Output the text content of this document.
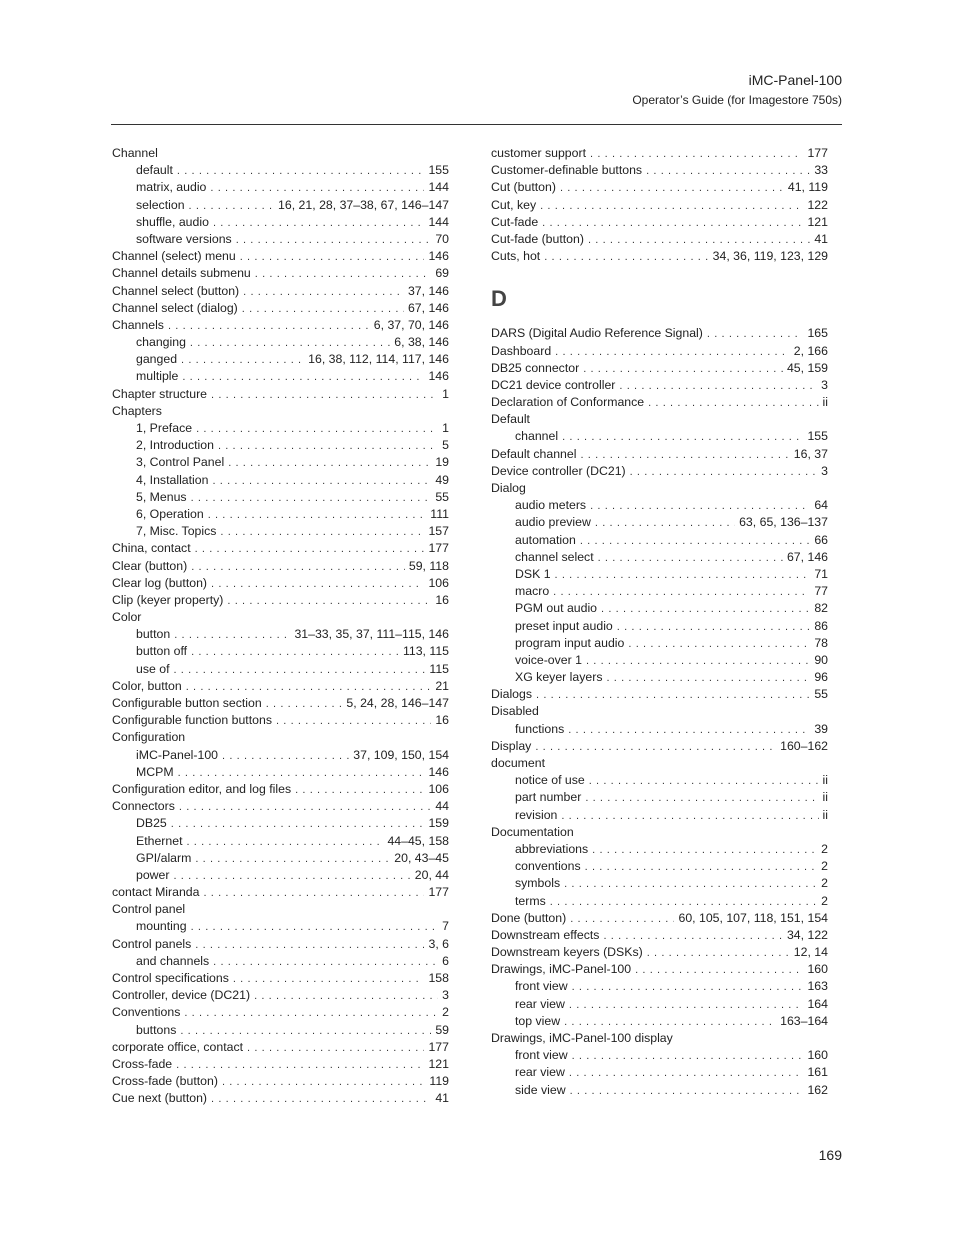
iMC-Panel-100
Operator’s Guide (for Imagestore 750s)
Channel
default . . .	155
matrix, audio . . .	144
selection . . .	16, 21, 28, 37–38, 67, 146–147
shuffle, audio . . .	144
software versions . . .	70
Channel (select) menu . . .	146
Channel details submenu . . .	69
Channel select (button) . . .	37, 146
Channel select (dialog) . . .	67, 146
Channels . . .	6, 37, 70, 146
changing . . .	6, 38, 146
ganged . . .	16, 38, 112, 114, 117, 146
multiple . . .	146
Chapter structure . . .	1
Chapters
1, Preface . . .	1
2, Introduction . . .	5
3, Control Panel . . .	19
4, Installation . . .	49
5, Menus . . .	55
6, Operation . . .	111
7, Misc. Topics . . .	157
China, contact . . .	177
Clear (button) . . .	59, 118
Clear log (button) . . .	106
Clip (keyer property) . . .	16
Color
button . . .	31–33, 35, 37, 111–115, 146
button off . . .	113, 115
use of . . .	115
Color, button . . .	21
Configurable button section . . .	5, 24, 28, 146–147
Configurable function buttons . . .	16
Configuration
iMC-Panel-100 . . .	37, 109, 150, 154
MCPM . . .	146
Configuration editor, and log files . . .	106
Connectors . . .	44
DB25 . . .	159
Ethernet . . .	44–45, 158
GPI/alarm . . .	20, 43–45
power . . .	20, 44
contact Miranda . . .	177
Control panel
mounting . . .	7
Control panels . . .	3, 6
and channels . . .	6
Control specifications . . .	158
Controller, device (DC21) . . .	3
Conventions . . .	2
buttons . . .	59
corporate office, contact . . .	177
Cross-fade . . .	121
Cross-fade (button) . . .	119
Cue next (button) . . .	41
customer support . . .	177
Customer-definable buttons . . .	33
Cut (button) . . .	41, 119
Cut, key . . .	122
Cut-fade . . .	121
Cut-fade (button) . . .	41
Cuts, hot . . .	34, 36, 119, 123, 129
D
DARS (Digital Audio Reference Signal) . . .	165
Dashboard . . .	2, 166
DB25 connector . . .	45, 159
DC21 device controller . . .	3
Declaration of Conformance . . .	ii
Default
channel . . .	155
Default channel . . .	16, 37
Device controller (DC21) . . .	3
Dialog
audio meters . . .	64
audio preview . . .	63, 65, 136–137
automation . . .	66
channel select . . .	67, 146
DSK 1 . . .	71
macro . . .	77
PGM out audio . . .	82
preset input audio . . .	86
program input audio . . .	78
voice-over 1 . . .	90
XG keyer layers . . .	96
Dialogs . . .	55
Disabled
functions . . .	39
Display . . .	160–162
document
notice of use . . .	ii
part number . . .	ii
revision . . .	ii
Documentation
abbreviations . . .	2
conventions . . .	2
symbols . . .	2
terms . . .	2
Done (button) . . .	60, 105, 107, 118, 151, 154
Downstream effects . . .	34, 122
Downstream keyers (DSKs) . . .	12, 14
Drawings, iMC-Panel-100 . . .	160
front view . . .	163
rear view . . .	164
top view . . .	163–164
Drawings, iMC-Panel-100 display
front view . . .	160
rear view . . .	161
side view . . .	162
169
